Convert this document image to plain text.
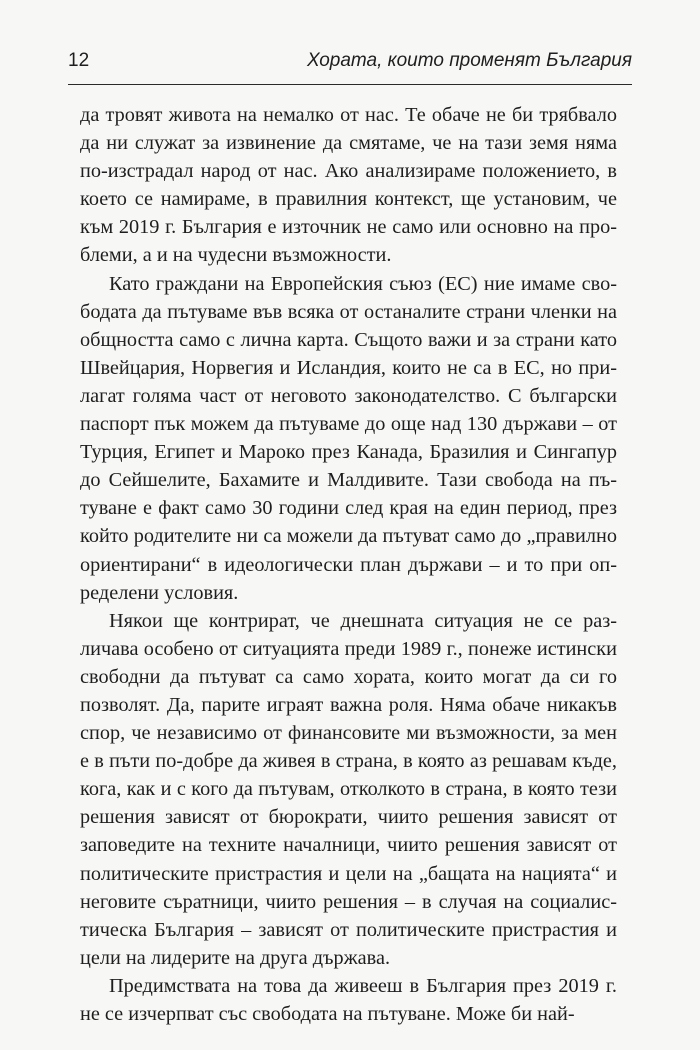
12	Хората, които променят България

да тровят живота на немалко от нас. Те обаче не би трябвало да ни служат за извинение да смятаме, че на тази земя няма по-изстрадал народ от нас. Ако анализираме положението, в което се намираме, в правилния контекст, ще установим, че към 2019 г. България е източник не само или основно на проблеми, а и на чудесни възможности.

Като граждани на Европейския съюз (ЕС) ние имаме свободата да пътуваме във всяка от останалите страни членки на общността само с лична карта. Същото важи и за страни като Швейцария, Норвегия и Исландия, които не са в ЕС, но прилагат голяма част от неговото законодателство. С български паспорт пък можем да пътуваме до още над 130 държави – от Турция, Египет и Мароко през Канада, Бразилия и Сингапур до Сейшелите, Бахамите и Малдивите. Тази свобода на пътуване е факт само 30 години след края на един период, през който родителите ни са можели да пътуват само до „правилно ориентирани“ в идеологически план държави – и то при определени условия.

Някои ще контрират, че днешната ситуация не се различава особено от ситуацията преди 1989 г., понеже истински свободни да пътуват са само хората, които могат да си го позволят. Да, парите играят важна роля. Няма обаче никакъв спор, че независимо от финансовите ми възможности, за мен е в пъти по-добре да живея в страна, в която аз решавам къде, кога, как и с кого да пътувам, отколкото в страна, в която тези решения зависят от бюрократи, чиито решения зависят от заповедите на техните началници, чиито решения зависят от политическите пристрастия и цели на „бащата на нацията“ и неговите съратници, чиито решения – в случая на социалистическа България – зависят от политическите пристрастия и цели на лидерите на друга държава.

Предимствата на това да живееш в България през 2019 г. не се изчерпват със свободата на пътуване. Може би най-
